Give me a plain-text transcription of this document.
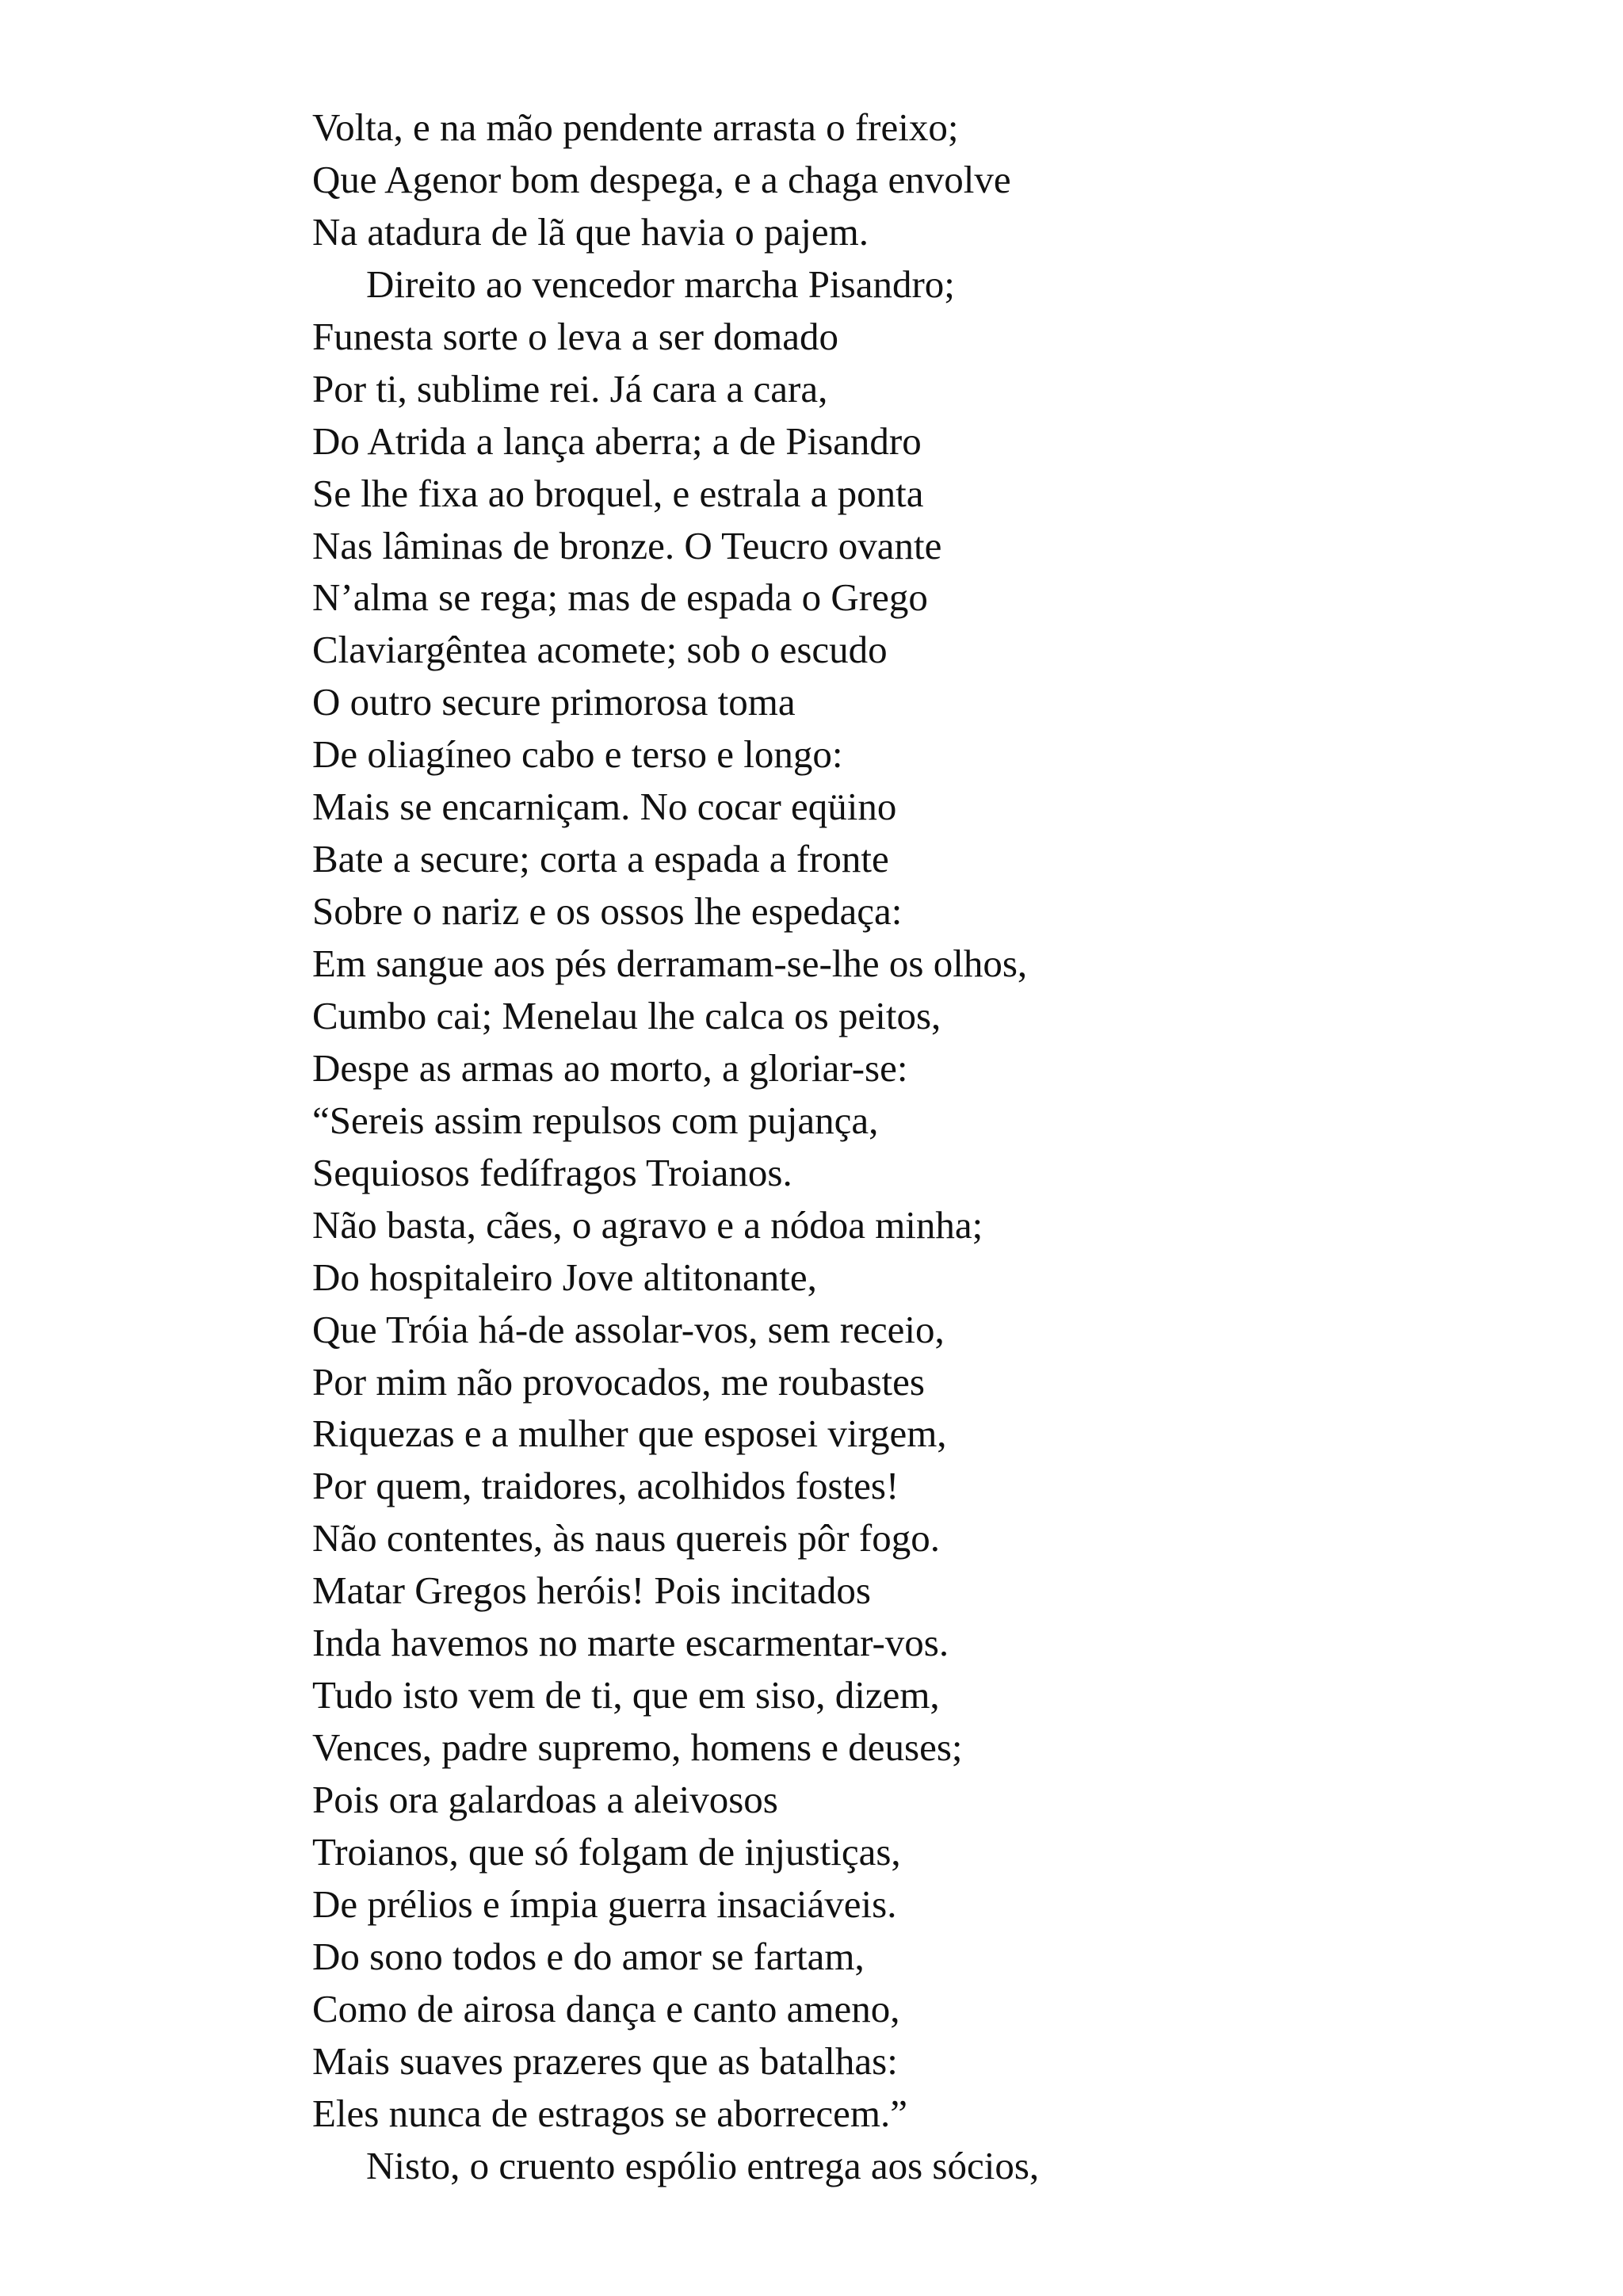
Volta, e na mão pendente arrasta o freixo;
Que Agenor bom despega, e a chaga envolve
Na atadura de lã que havia o pajem.
Direito ao vencedor marcha Pisandro;
Funesta sorte o leva a ser domado
Por ti, sublime rei. Já cara a cara,
Do Atrida a lança aberra; a de Pisandro
Se lhe fixa ao broquel, e estrala a ponta
Nas lâminas de bronze. O Teucro ovante
N’alma se rega; mas de espada o Grego
Claviargêntea acomete; sob o escudo
O outro secure primorosa toma
De oliagíneo cabo e terso e longo:
Mais se encarniçam. No cocar eqüino
Bate a secure; corta a espada a fronte
Sobre o nariz e os ossos lhe espedaça:
Em sangue aos pés derramam-se-lhe os olhos,
Cumbo cai; Menelau lhe calca os peitos,
Despe as armas ao morto, a gloriar-se:
“Sereis assim repulsos com pujança,
Sequiosos fedífragos Troianos.
Não basta, cães, o agravo e a nódoa minha;
Do hospitaleiro Jove altitonante,
Que Tróia há-de assolar-vos, sem receio,
Por mim não provocados, me roubastes
Riquezas e a mulher que esposei virgem,
Por quem, traidores, acolhidos fostes!
Não contentes, às naus quereis pôr fogo.
Matar Gregos heróis! Pois incitados
Inda havemos no marte escarmentar-vos.
Tudo isto vem de ti, que em siso, dizem,
Vences, padre supremo, homens e deuses;
Pois ora galardoas a aleivosos
Troianos, que só folgam de injustiças,
De prélios e ímpia guerra insaciáveis.
Do sono todos e do amor se fartam,
Como de airosa dança e canto ameno,
Mais suaves prazeres que as batalhas:
Eles nunca de estragos se aborrecem.”
Nisto, o cruento espólio entrega aos sócios,
